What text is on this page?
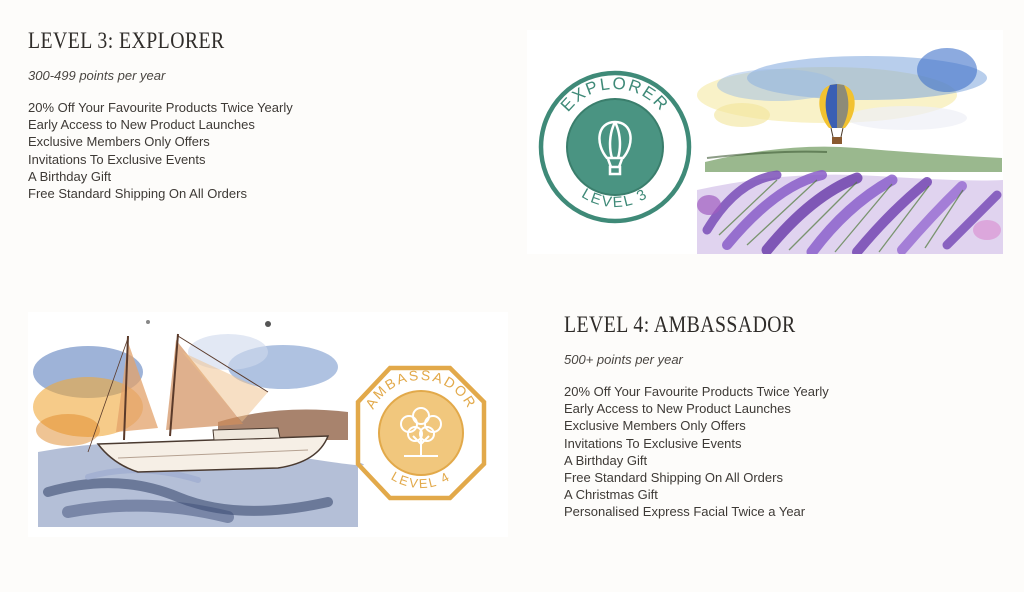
LEVEL 3: EXPLORER

300-499 points per year

20% Off Your Favourite Products Twice Yearly
Early Access to New Product Launches
Exclusive Members Only Offers
Invitations To Exclusive Events
A Birthday Gift
Free Standard Shipping On All Orders
EXPLORER
LEVEL 3
AMBASSADOR
LEVEL 4
LEVEL 4: AMBASSADOR

500+ points per year

20% Off Your Favourite Products Twice Yearly
Early Access to New Product Launches
Exclusive Members Only Offers
Invitations To Exclusive Events
A Birthday Gift
Free Standard Shipping On All Orders
A Christmas Gift
Personalised Express Facial Twice a Year
